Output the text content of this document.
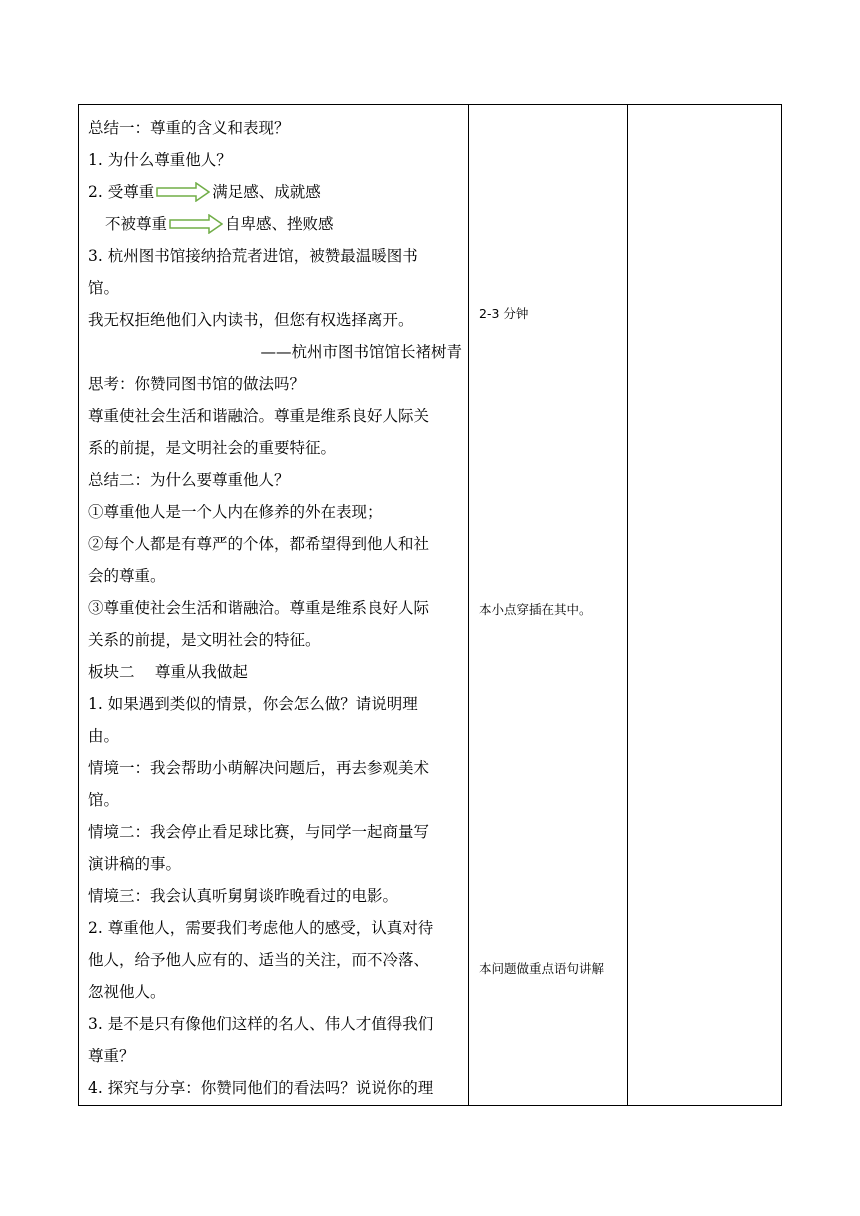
总结一：尊重的含义和表现？
1. 为什么尊重他人？
2. 受尊重	满足感、成就感
不被尊重	自卑感、挫败感
3. 杭州图书馆接纳拾荒者进馆，被赞最温暖图书
馆。
我无权拒绝他们入内读书，但您有权选择离开。
——杭州市图书馆馆长褚树青
思考：你赞同图书馆的做法吗？
尊重使社会生活和谐融洽。尊重是维系良好人际关
系的前提，是文明社会的重要特征。
总结二：为什么要尊重他人？
①尊重他人是一个人内在修养的外在表现；
②每个人都是有尊严的个体，都希望得到他人和社
会的尊重。
③尊重使社会生活和谐融洽。尊重是维系良好人际
关系的前提，是文明社会的特征。
板块二　 尊重从我做起
1. 如果遇到类似的情景，你会怎么做？请说明理
由。
情境一：我会帮助小萌解决问题后，再去参观美术
馆。
情境二：我会停止看足球比赛，与同学一起商量写
演讲稿的事。
情境三：我会认真听舅舅谈昨晚看过的电影。
2. 尊重他人，需要我们考虑他人的感受，认真对待
他人，给予他人应有的、适当的关注，而不冷落、
忽视他人。
3. 是不是只有像他们这样的名人、伟人才值得我们
尊重？
4. 探究与分享：你赞同他们的看法吗？说说你的理
2-3 分钟
本小点穿插在其中。
本问题做重点语句讲解
